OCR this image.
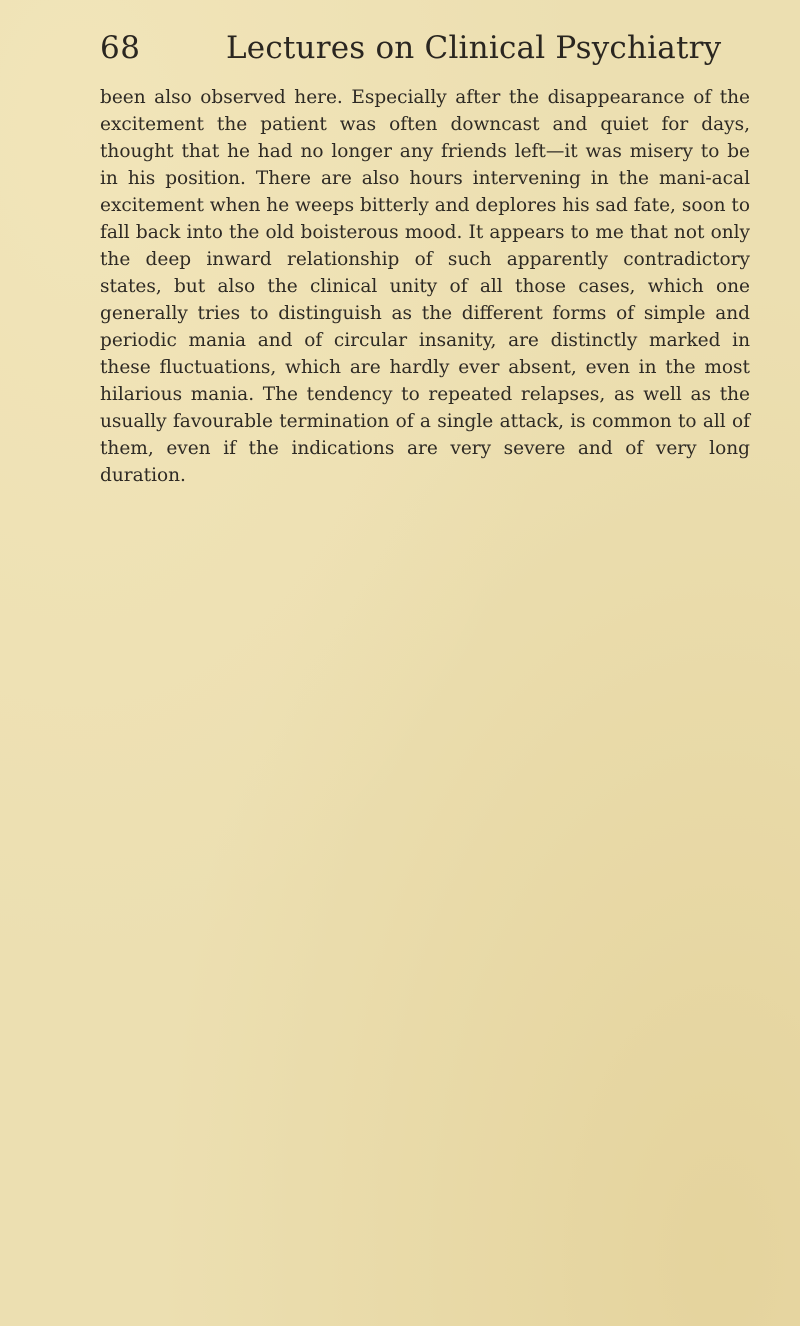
68	Lectures on Clinical Psychiatry

been also observed here. Especially after the disappearance of the excitement the patient was often downcast and quiet for days, thought that he had no longer any friends left—it was misery to be in his position. There are also hours intervening in the mani-acal excitement when he weeps bitterly and deplores his sad fate, soon to fall back into the old boisterous mood. It appears to me that not only the deep inward relationship of such apparently contradictory states, but also the clinical unity of all those cases, which one generally tries to distinguish as the different forms of simple and periodic mania and of circular insanity, are distinctly marked in these fluctuations, which are hardly ever absent, even in the most hilarious mania. The tendency to repeated relapses, as well as the usually favourable termination of a single attack, is common to all of them, even if the indications are very severe and of very long duration.
